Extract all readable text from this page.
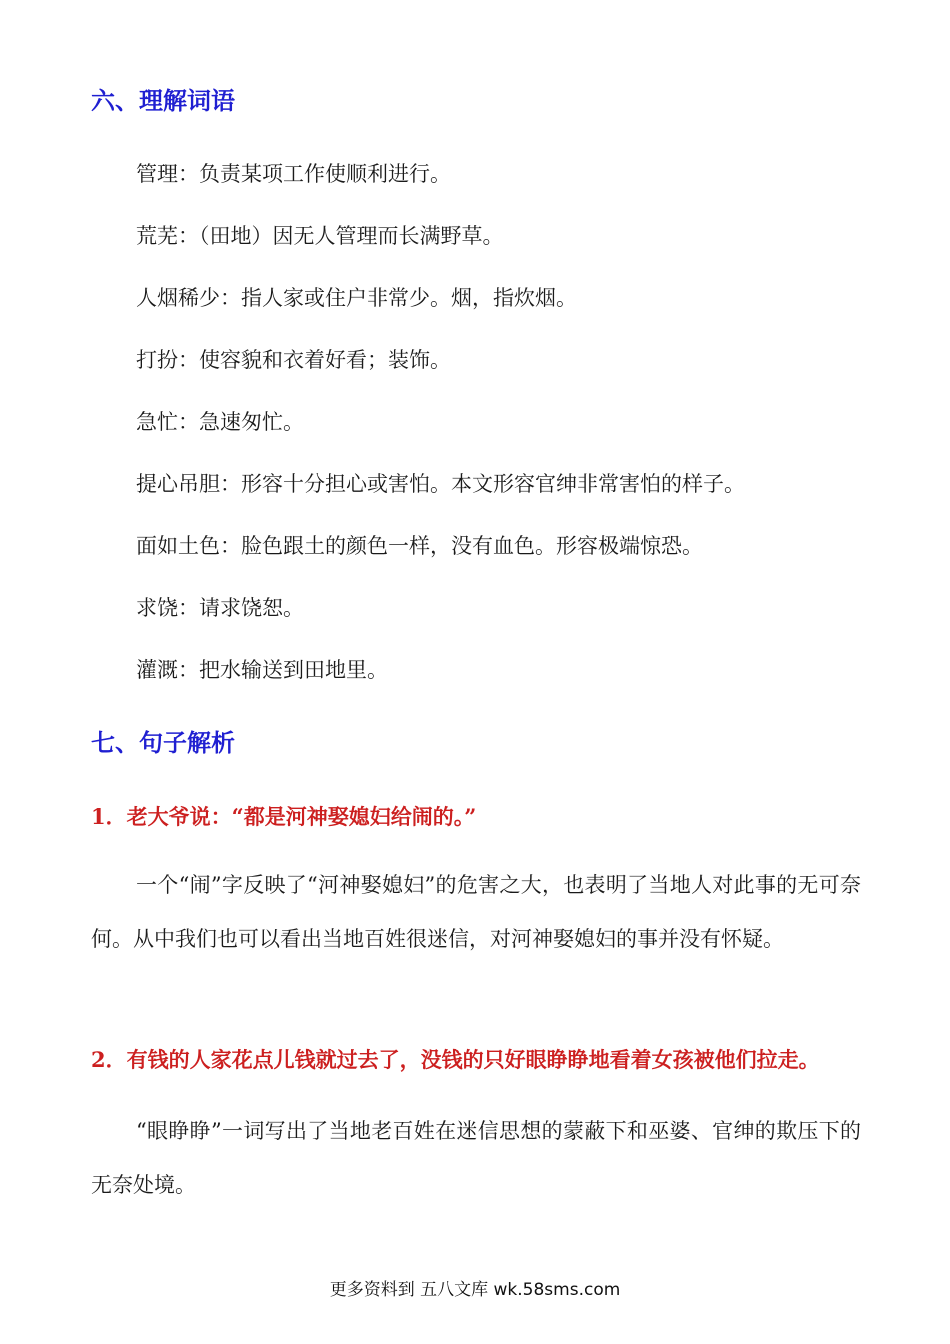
六、理解词语

管理：负责某项工作使顺利进行。

荒芜：（田地）因无人管理而长满野草。

人烟稀少：指人家或住户非常少。烟，指炊烟。

打扮：使容貌和衣着好看；装饰。

急忙：急速匆忙。

提心吊胆：形容十分担心或害怕。本文形容官绅非常害怕的样子。

面如土色：脸色跟土的颜色一样，没有血色。形容极端惊恐。

求饶：请求饶恕。

灌溉：把水输送到田地里。

七、句子解析
1．老大爷说：“都是河神娶媳妇给闹的。”

一个“闹”字反映了“河神娶媳妇”的危害之大，也表明了当地人对此事的无可奈何。从中我们也可以看出当地百姓很迷信，对河神娶媳妇的事并没有怀疑。

2．有钱的人家花点儿钱就过去了，没钱的只好眼睁睁地看着女孩被他们拉走。

“眼睁睁”一词写出了当地老百姓在迷信思想的蒙蔽下和巫婆、官绅的欺压下的无奈处境。

更多资料到 五八文库 wk.58sms.com
